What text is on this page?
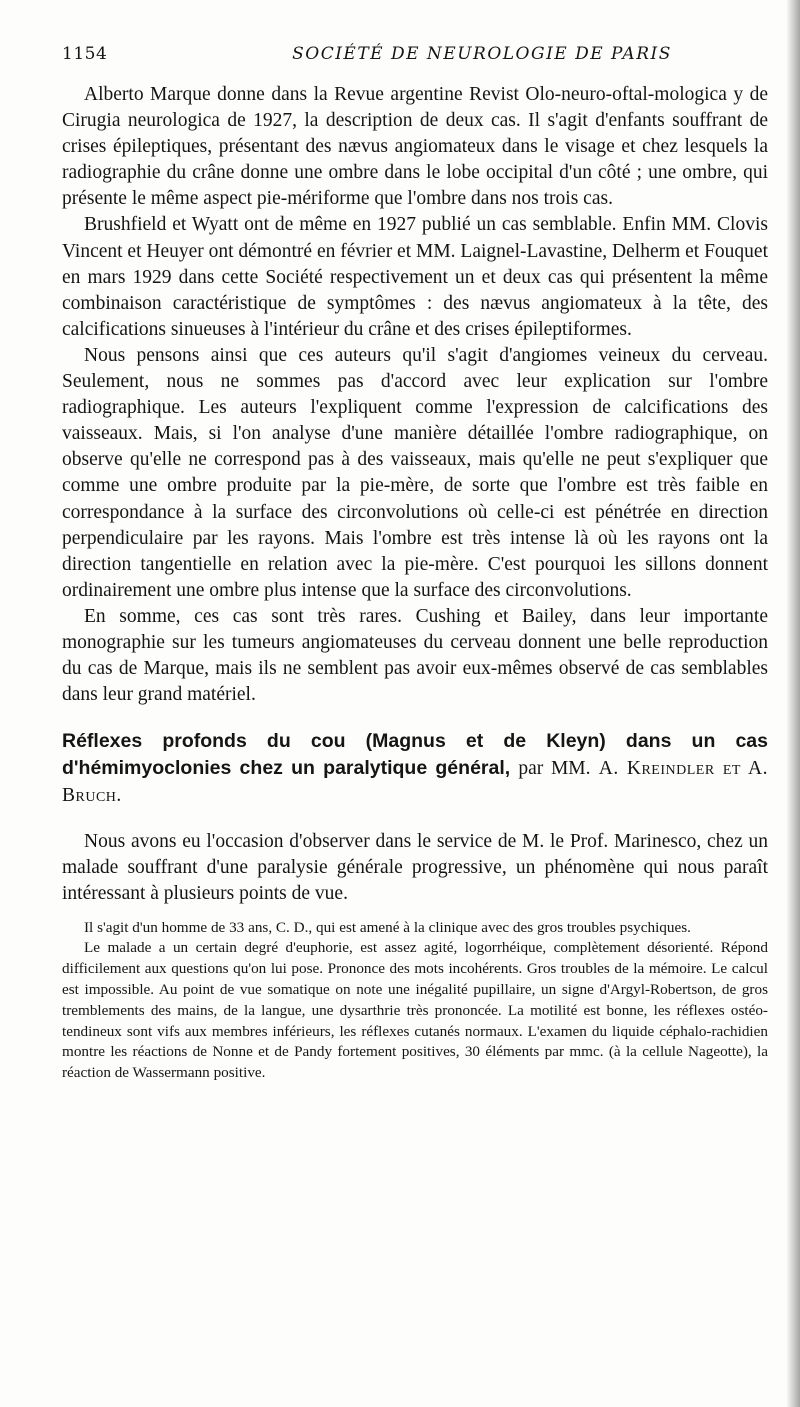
1154	SOCIÉTÉ DE NEUROLOGIE DE PARIS

Alberto Marque donne dans la Revue argentine Revist Olo-neuro-oftal-mologica y de Cirugia neurologica de 1927, la description de deux cas. Il s'agit d'enfants souffrant de crises épileptiques, présentant des nævus angiomateux dans le visage et chez lesquels la radiographie du crâne donne une ombre dans le lobe occipital d'un côté ; une ombre, qui présente le même aspect pie-mériforme que l'ombre dans nos trois cas.

Brushfield et Wyatt ont de même en 1927 publié un cas semblable. Enfin MM. Clovis Vincent et Heuyer ont démontré en février et MM. Laignel-Lavastine, Delherm et Fouquet en mars 1929 dans cette Société respectivement un et deux cas qui présentent la même combinaison caractéristique de symptômes : des nævus angiomateux à la tête, des calcifications sinueuses à l'intérieur du crâne et des crises épileptiformes.

Nous pensons ainsi que ces auteurs qu'il s'agit d'angiomes veineux du cerveau. Seulement, nous ne sommes pas d'accord avec leur explication sur l'ombre radiographique. Les auteurs l'expliquent comme l'expression de calcifications des vaisseaux. Mais, si l'on analyse d'une manière détaillée l'ombre radiographique, on observe qu'elle ne correspond pas à des vaisseaux, mais qu'elle ne peut s'expliquer que comme une ombre produite par la pie-mère, de sorte que l'ombre est très faible en correspondance à la surface des circonvolutions où celle-ci est pénétrée en direction perpendiculaire par les rayons. Mais l'ombre est très intense là où les rayons ont la direction tangentielle en relation avec la pie-mère. C'est pourquoi les sillons donnent ordinairement une ombre plus intense que la surface des circonvolutions.

En somme, ces cas sont très rares. Cushing et Bailey, dans leur importante monographie sur les tumeurs angiomateuses du cerveau donnent une belle reproduction du cas de Marque, mais ils ne semblent pas avoir eux-mêmes observé de cas semblables dans leur grand matériel.

Réflexes profonds du cou (Magnus et de Kleyn) dans un cas d'hémimyoclonies chez un paralytique général, par MM. A. Kreindler et A. Bruch.

Nous avons eu l'occasion d'observer dans le service de M. le Prof. Marinesco, chez un malade souffrant d'une paralysie générale progressive, un phénomène qui nous paraît intéressant à plusieurs points de vue.

Il s'agit d'un homme de 33 ans, C. D., qui est amené à la clinique avec des gros troubles psychiques.

Le malade a un certain degré d'euphorie, est assez agité, logorrhéique, complètement désorienté. Répond difficilement aux questions qu'on lui pose. Prononce des mots incohérents. Gros troubles de la mémoire. Le calcul est impossible. Au point de vue somatique on note une inégalité pupillaire, un signe d'Argyl-Robertson, de gros tremblements des mains, de la langue, une dysarthrie très prononcée. La motilité est bonne, les réflexes ostéo-tendineux sont vifs aux membres inférieurs, les réflexes cutanés normaux. L'examen du liquide céphalo-rachidien montre les réactions de Nonne et de Pandy fortement positives, 30 éléments par mmc. (à la cellule Nageotte), la réaction de Wassermann positive.
